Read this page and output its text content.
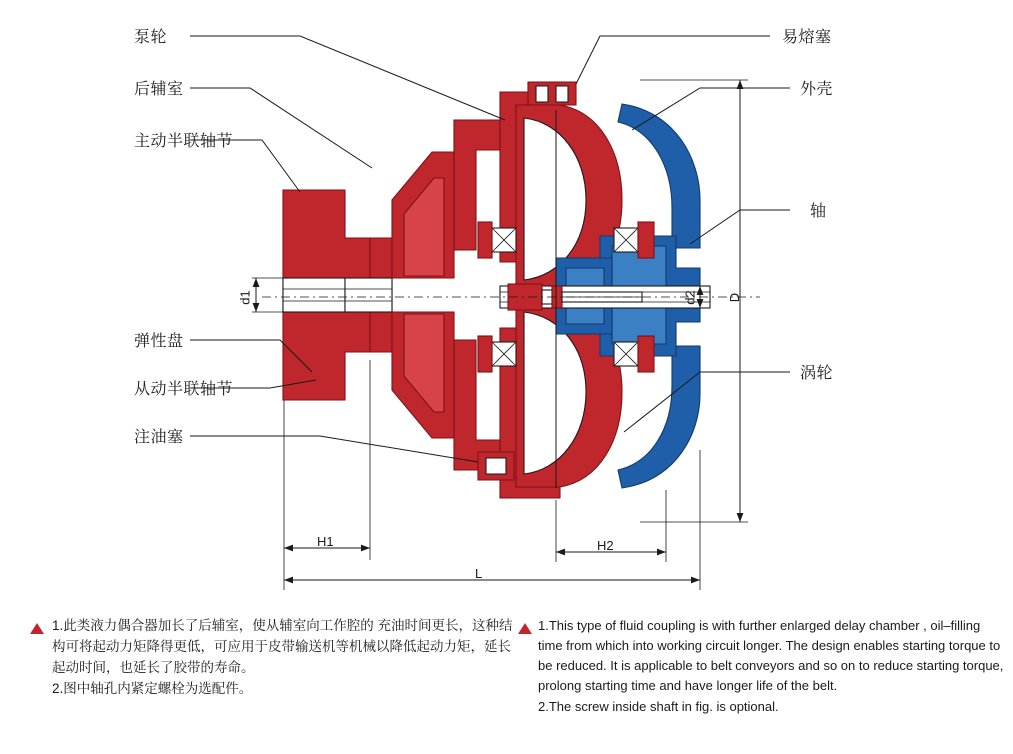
泵轮
后辅室
主动半联轴节
弹性盘
从动半联轴节
注油塞
易熔塞
外壳
轴
涡轮
d1	d2 D
H1	H2
L

1.此类液力偶合器加长了后辅室，使从辅室向工作腔的 充油时间更长，这种结构可将起动力矩降得更低，可应用于皮带输送机等机械以降低起动力矩，延长起动时间，也延长了胶带的寿命。

2.图中轴孔内紧定螺栓为选配件。

1.This type of fluid coupling is with further enlarged delay chamber , oil–filling time from which into working circuit longer. The design enables starting torque to be reduced. It is applicable to belt conveyors and so on to reduce starting torque, prolong starting time and have longer life of the belt.

2.The screw inside shaft in fig. is optional.
